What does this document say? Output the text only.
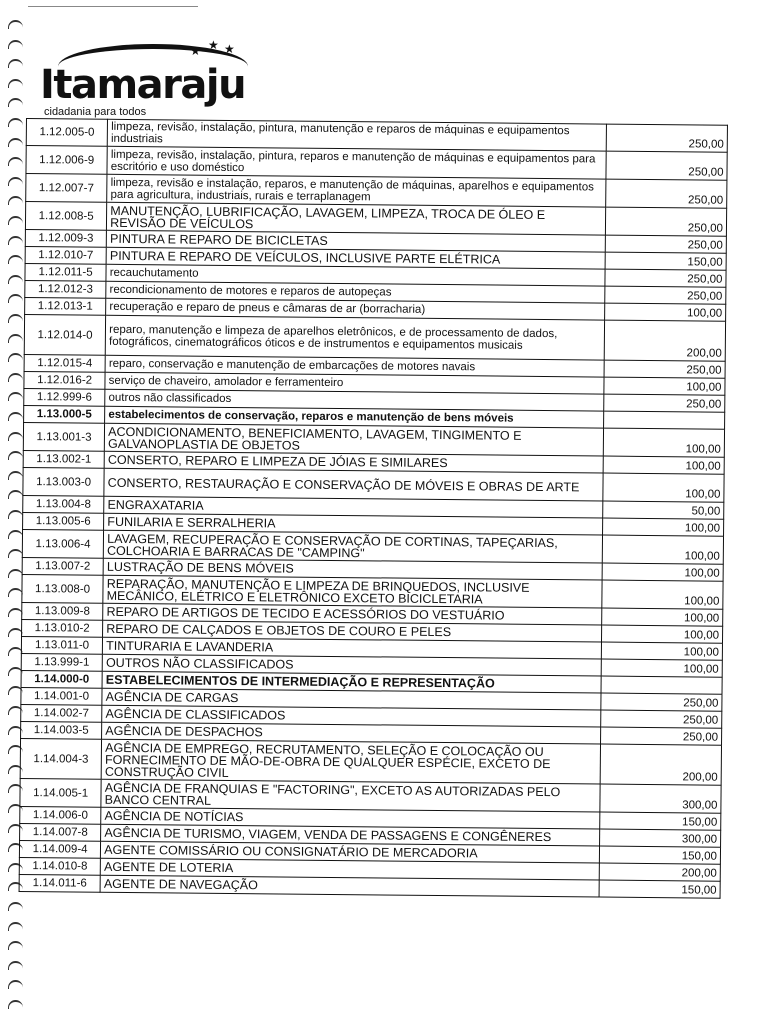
★ ★ ★
Itamaraju
cidadania para todos
1.12.005-0	limpeza, revisão, instalação, pintura, manutenção e reparos de máquinas e equipamentos industriais	250,00
1.12.006-9	limpeza, revisão, instalação, pintura, reparos e manutenção de máquinas e equipamentos para escritório e uso doméstico	250,00
1.12.007-7	limpeza, revisão e instalação, reparos, e manutenção de máquinas, aparelhos e equipamentos para agricultura, industriais, rurais e terraplanagem	250,00
1.12.008-5	MANUTENÇÃO, LUBRIFICAÇÃO, LAVAGEM, LIMPEZA, TROCA DE ÓLEO E REVISÃO DE VEÍCULOS	250,00
1.12.009-3	PINTURA E REPARO DE BICICLETAS	250,00
1.12.010-7	PINTURA E REPARO DE VEÍCULOS, INCLUSIVE PARTE ELÉTRICA	150,00
1.12.011-5	recauchutamento	250,00
1.12.012-3	recondicionamento de motores e reparos de autopeças	250,00
1.12.013-1	recuperação e reparo de pneus e câmaras de ar (borracharia)	100,00
1.12.014-0	reparo, manutenção e limpeza de aparelhos eletrônicos, e de processamento de dados, fotográficos, cinematográficos óticos e de instrumentos e equipamentos musicais	200,00
1.12.015-4	reparo, conservação e manutenção de embarcações de motores navais	250,00
1.12.016-2	serviço de chaveiro, amolador e ferramenteiro	100,00
1.12.999-6	outros não classificados	250,00
1.13.000-5	estabelecimentos de conservação, reparos e manutenção de bens móveis	
1.13.001-3	ACONDICIONAMENTO, BENEFICIAMENTO, LAVAGEM, TINGIMENTO E GALVANOPLASTIA DE OBJETOS	100,00
1.13.002-1	CONSERTO, REPARO E LIMPEZA DE JÓIAS E SIMILARES	100,00
1.13.003-0	CONSERTO, RESTAURAÇÃO E CONSERVAÇÃO DE MÓVEIS E OBRAS DE ARTE	100,00
1.13.004-8	ENGRAXATARIA	50,00
1.13.005-6	FUNILARIA E SERRALHERIA	100,00
1.13.006-4	LAVAGEM, RECUPERAÇÃO E CONSERVAÇÃO DE CORTINAS, TAPEÇARIAS, COLCHOARIA E BARRACAS DE "CAMPING"	100,00
1.13.007-2	LUSTRAÇÃO DE BENS MÓVEIS	100,00
1.13.008-0	REPARAÇÃO, MANUTENÇÃO E LIMPEZA DE BRINQUEDOS, INCLUSIVE MECÂNICO, ELÉTRICO E ELETRÔNICO EXCETO BICICLETARIA	100,00
1.13.009-8	REPARO DE ARTIGOS DE TECIDO E ACESSÓRIOS DO VESTUÁRIO	100,00
1.13.010-2	REPARO DE CALÇADOS E OBJETOS DE COURO E PELES	100,00
1.13.011-0	TINTURARIA E LAVANDERIA	100,00
1.13.999-1	OUTROS NÃO CLASSIFICADOS	100,00
1.14.000-0	ESTABELECIMENTOS DE INTERMEDIAÇÃO E REPRESENTAÇÃO	
1.14.001-0	AGÊNCIA DE CARGAS	250,00
1.14.002-7	AGÊNCIA DE CLASSIFICADOS	250,00
1.14.003-5	AGÊNCIA DE DESPACHOS	250,00
1.14.004-3	AGÊNCIA DE EMPREGO, RECRUTAMENTO, SELEÇÃO E COLOCAÇÃO OU FORNECIMENTO DE MÃO-DE-OBRA DE QUALQUER ESPÉCIE, EXCETO DE CONSTRUÇÃO CIVIL	200,00
1.14.005-1	AGÊNCIA DE FRANQUIAS E "FACTORING", EXCETO AS AUTORIZADAS PELO BANCO CENTRAL	300,00
1.14.006-0	AGÊNCIA DE NOTÍCIAS	150,00
1.14.007-8	AGÊNCIA DE TURISMO, VIAGEM, VENDA DE PASSAGENS E CONGÊNERES	300,00
1.14.009-4	AGENTE COMISSÁRIO OU CONSIGNATÁRIO DE MERCADORIA	150,00
1.14.010-8	AGENTE DE LOTERIA	200,00
1.14.011-6	AGENTE DE NAVEGAÇÃO	150,00
